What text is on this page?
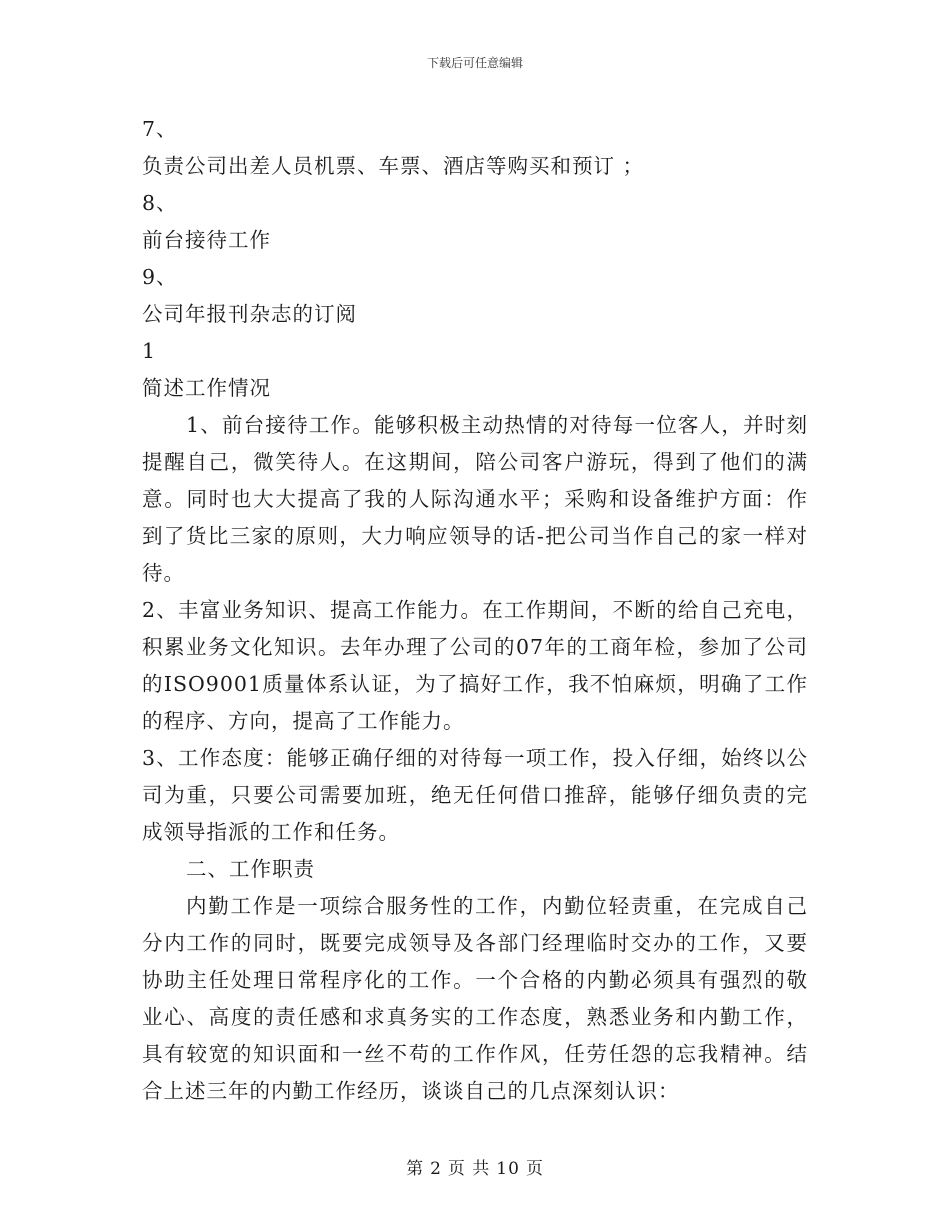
下载后可任意编辑
7、
负责公司出差人员机票、车票、酒店等购买和预订 ；
8、
前台接待工作
9、
公司年报刊杂志的订阅
1
简述工作情况
1、前台接待工作。能够积极主动热情的对待每一位客人，并时刻提醒自己，微笑待人。在这期间，陪公司客户游玩，得到了他们的满意。同时也大大提高了我的人际沟通水平；采购和设备维护方面：作到了货比三家的原则，大力响应领导的话-把公司当作自己的家一样对待。
2、丰富业务知识、提高工作能力。在工作期间，不断的给自己充电，积累业务文化知识。去年办理了公司的07年的工商年检，参加了公司的ISO9001质量体系认证，为了搞好工作，我不怕麻烦，明确了工作的程序、方向，提高了工作能力。
3、工作态度：能够正确仔细的对待每一项工作，投入仔细，始终以公司为重，只要公司需要加班，绝无任何借口推辞，能够仔细负责的完成领导指派的工作和任务。
二、工作职责
内勤工作是一项综合服务性的工作，内勤位轻责重，在完成自己分内工作的同时，既要完成领导及各部门经理临时交办的工作，又要协助主任处理日常程序化的工作。一个合格的内勤必须具有强烈的敬业心、高度的责任感和求真务实的工作态度，熟悉业务和内勤工作，具有较宽的知识面和一丝不苟的工作作风，任劳任怨的忘我精神。结合上述三年的内勤工作经历，谈谈自己的几点深刻认识：
第 2 页 共 10 页
